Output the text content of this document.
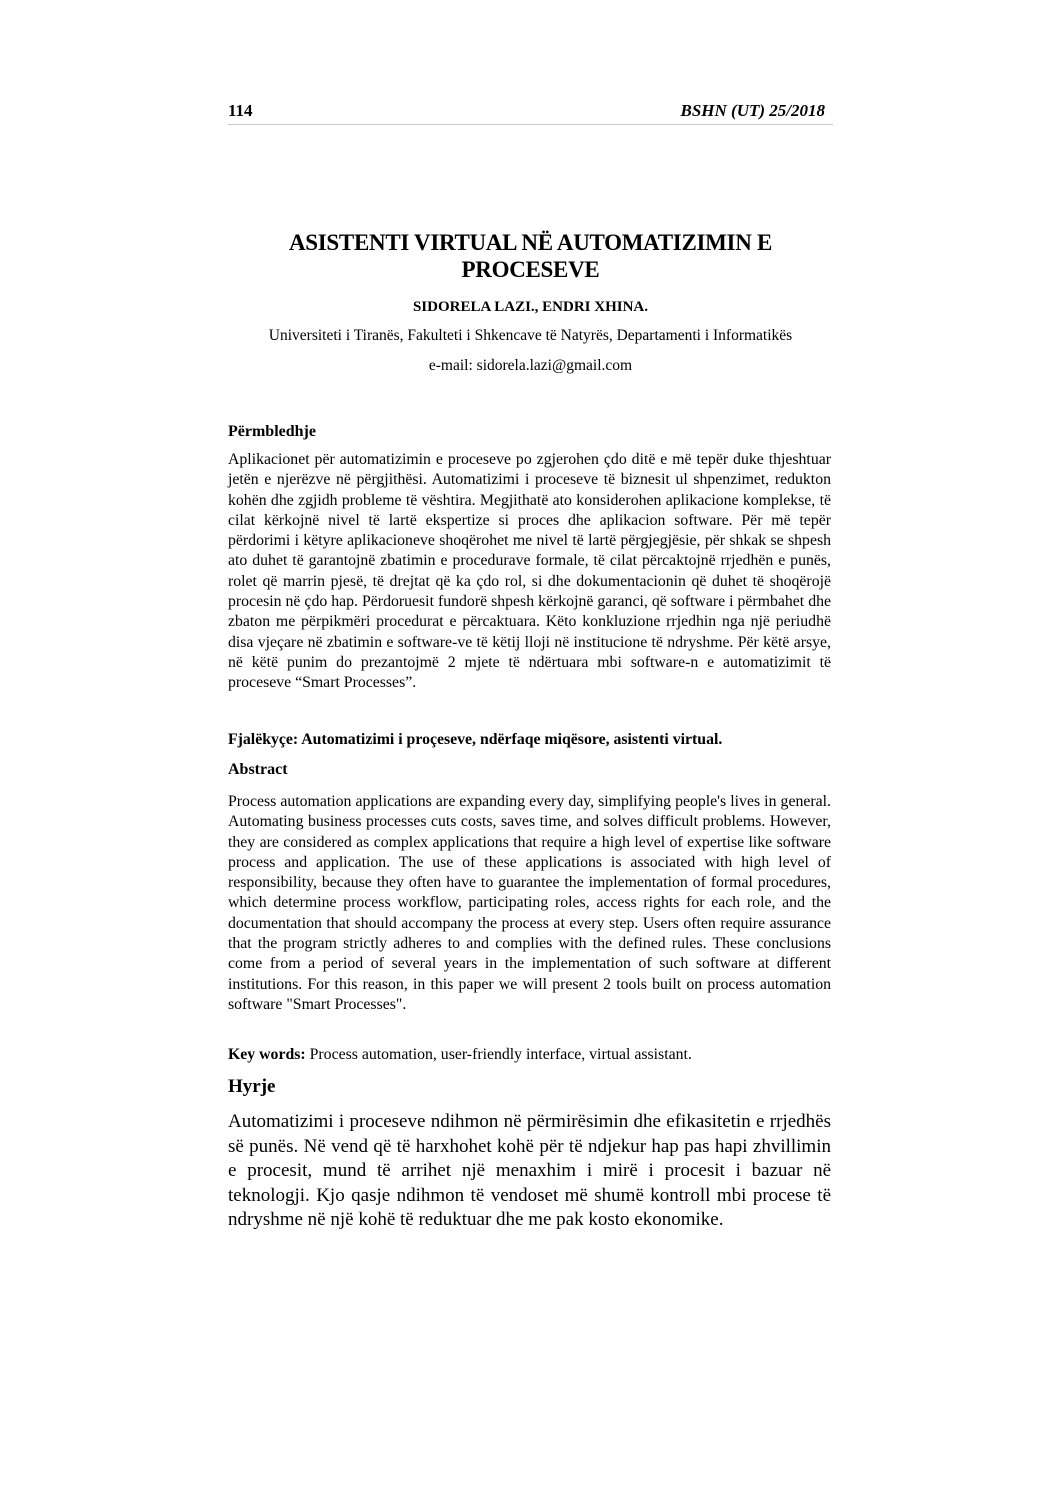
114	BSHN (UT) 25/2018
ASISTENTI VIRTUAL NË AUTOMATIZIMIN E
PROCESEVE
SIDORELA LAZI., ENDRI XHINA.
Universiteti i Tiranës, Fakulteti i Shkencave të Natyrës, Departamenti i Informatikës
e-mail: sidorela.lazi@gmail.com
Përmbledhje

Aplikacionet për automatizimin e proceseve po zgjerohen çdo ditë e më tepër duke thjeshtuar jetën e njerëzve në përgjithësi. Automatizimi i proceseve të biznesit ul shpenzimet, redukton kohën dhe zgjidh probleme të vështira. Megjithatë ato konsiderohen aplikacione komplekse, të cilat kërkojnë nivel të lartë ekspertize si proces dhe aplikacion software. Për më tepër përdorimi i këtyre aplikacioneve shoqërohet me nivel të lartë përgjegjësie, për shkak se shpesh ato duhet të garantojnë zbatimin e procedurave formale, të cilat përcaktojnë rrjedhën e punës, rolet që marrin pjesë, të drejtat që ka çdo rol, si dhe dokumentacionin që duhet të shoqërojë procesin në çdo hap. Përdoruesit fundorë shpesh kërkojnë garanci, që software i përmbahet dhe zbaton me përpikmëri procedurat e përcaktuara. Këto konkluzione rrjedhin nga një periudhë disa vjeçare në zbatimin e software-ve të këtij lloji në institucione të ndryshme. Për këtë arsye, në këtë punim do prezantojmë 2 mjete të ndërtuara mbi software-n e automatizimit të proceseve “Smart Processes”.

Fjalëkyçe: Automatizimi i proçeseve, ndërfaqe miqësore, asistenti virtual.

Abstract

Process automation applications are expanding every day, simplifying people's lives in general. Automating business processes cuts costs, saves time, and solves difficult problems. However, they are considered as complex applications that require a high level of expertise like software process and application. The use of these applications is associated with high level of responsibility, because they often have to guarantee the implementation of formal procedures, which determine process workflow, participating roles, access rights for each role, and the documentation that should accompany the process at every step. Users often require assurance that the program strictly adheres to and complies with the defined rules. These conclusions come from a period of several years in the implementation of such software at different institutions. For this reason, in this paper we will present 2 tools built on process automation software "Smart Processes".

Key words: Process automation, user-friendly interface, virtual assistant.

Hyrje

Automatizimi i proceseve ndihmon në përmirësimin dhe efikasitetin e rrjedhës së punës. Në vend që të harxhohet kohë për të ndjekur hap pas hapi zhvillimin e procesit, mund të arrihet një menaxhim i mirë i procesit i bazuar në teknologji. Kjo qasje ndihmon të vendoset më shumë kontroll mbi procese të ndryshme në një kohë të reduktuar dhe me pak kosto ekonomike.
